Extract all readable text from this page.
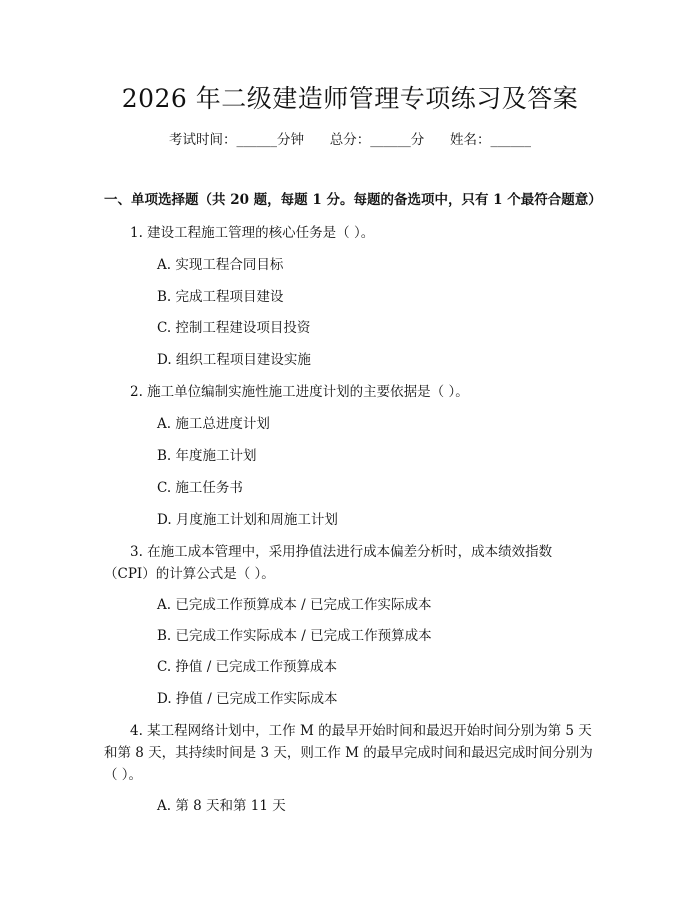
2026 年二级建造师管理专项练习及答案
考试时间：______分钟      总分：______分      姓名：______
一、单项选择题（共 20 题，每题 1 分。每题的备选项中，只有 1 个最符合题意）
1. 建设工程施工管理的核心任务是（ ）。
A. 实现工程合同目标
B. 完成工程项目建设
C. 控制工程建设项目投资
D. 组织工程项目建设实施
2. 施工单位编制实施性施工进度计划的主要依据是（ ）。
A. 施工总进度计划
B. 年度施工计划
C. 施工任务书
D. 月度施工计划和周施工计划
3. 在施工成本管理中，采用挣值法进行成本偏差分析时，成本绩效指数
（CPI）的计算公式是（ ）。
A. 已完成工作预算成本 / 已完成工作实际成本
B. 已完成工作实际成本 / 已完成工作预算成本
C. 挣值 / 已完成工作预算成本
D. 挣值 / 已完成工作实际成本
4. 某工程网络计划中，工作 M 的最早开始时间和最迟开始时间分别为第 5 天
和第 8 天，其持续时间是 3 天，则工作 M 的最早完成时间和最迟完成时间分别为
（ ）。
A. 第 8 天和第 11 天
